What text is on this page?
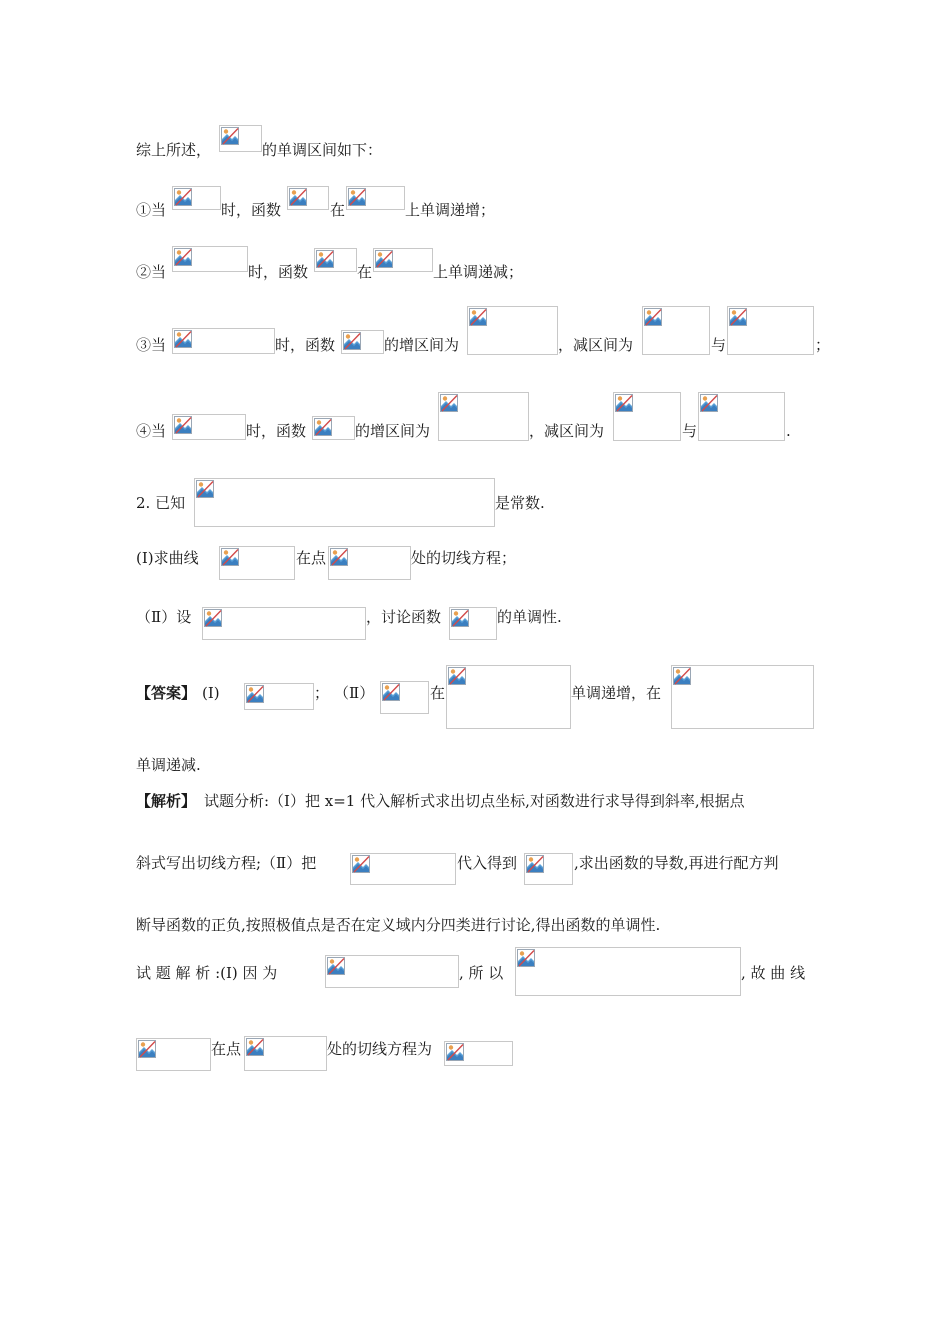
综上所述，	的单调区间如下：
①当	时，函数	在	上单调递增；
②当	时，函数	在	上单调递减；
③当	时，函数	的增区间为	，减区间为	与	；
④当	时，函数	的增区间为	，减区间为	与	.
2. 已知	是常数.
(Ⅰ)求曲线	在点	处的切线方程；
（Ⅱ）设	，讨论函数	的单调性.
【答案】 (Ⅰ)	； （Ⅱ）	在	单调递增，在
单调递减.
【解析】 试题分析:（Ⅰ）把 x=1 代入解析式求出切点坐标,对函数进行求导得到斜率,根据点
斜式写出切线方程;（Ⅱ）把	代入得到	,求出函数的导数,再进行配方判
断导函数的正负,按照极值点是否在定义域内分四类进行讨论,得出函数的单调性.
试 题 解 析 :(Ⅰ) 因 为	, 所 以	, 故 曲 线
在点	处的切线方程为
